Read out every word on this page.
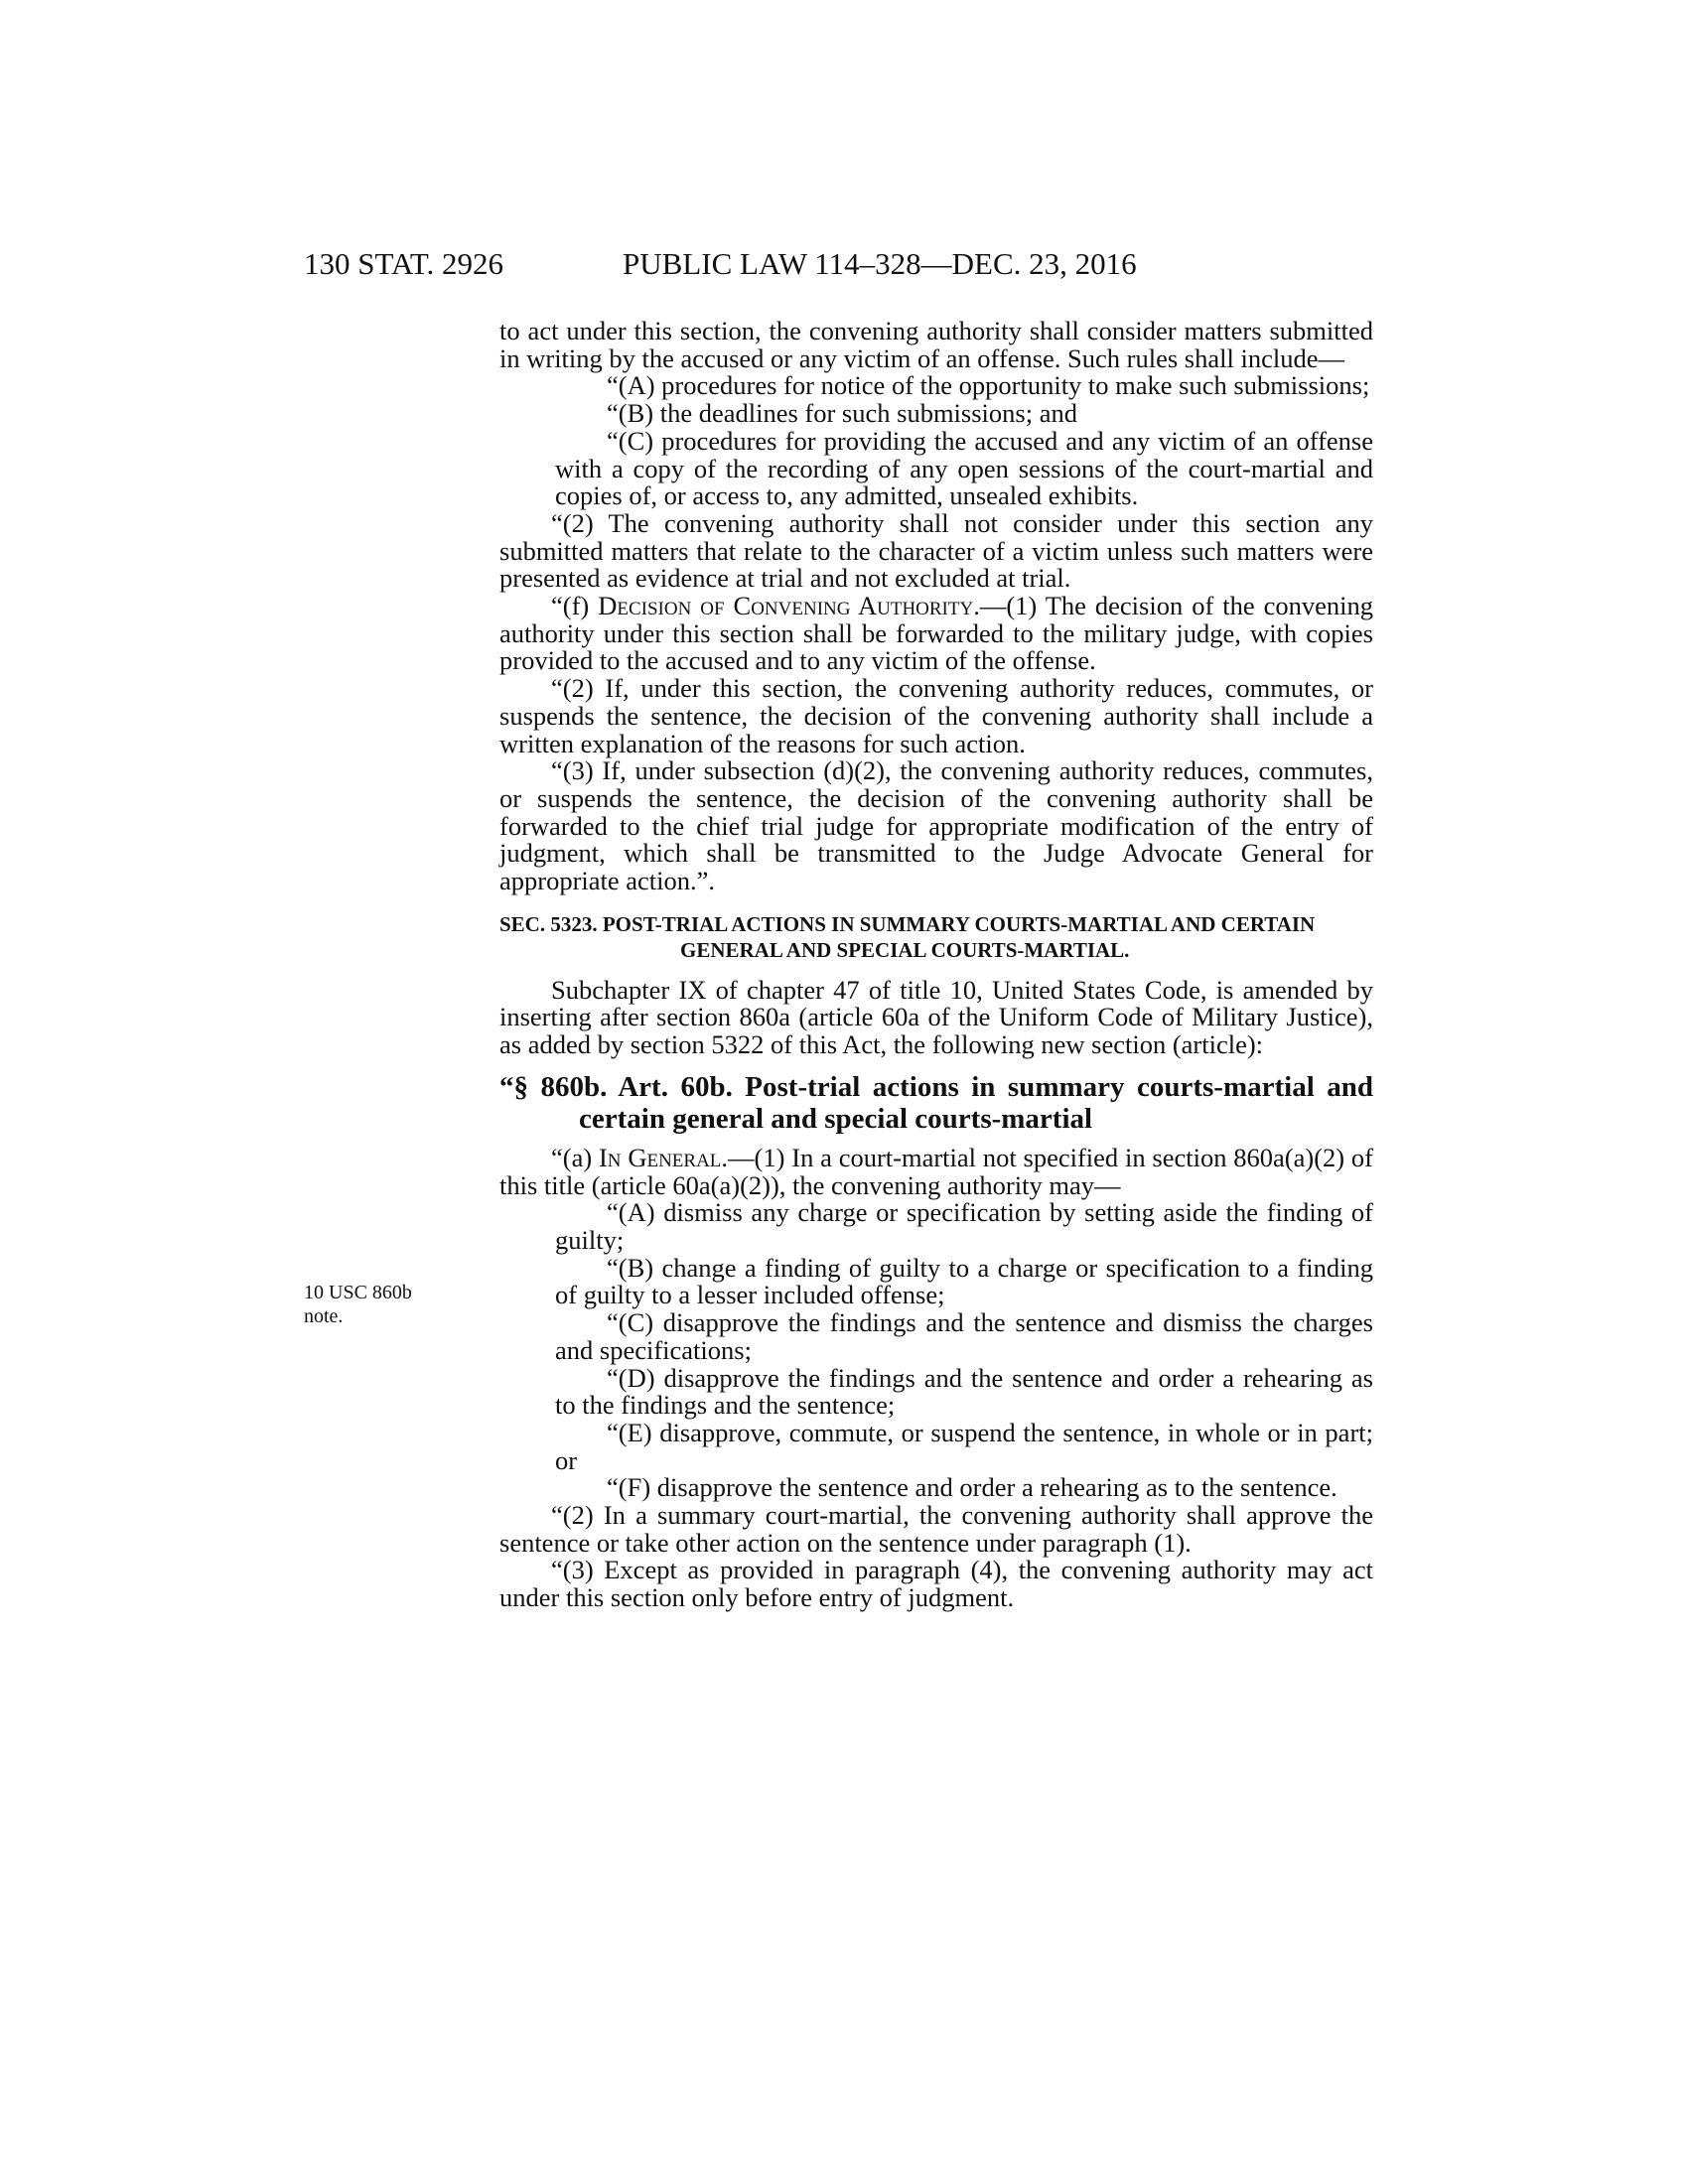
130 STAT. 2926	PUBLIC LAW 114–328—DEC. 23, 2016
10 USC 860b
note.

to act under this section, the convening authority shall consider matters submitted in writing by the accused or any victim of an offense. Such rules shall include—

“(A) procedures for notice of the opportunity to make such submissions;

“(B) the deadlines for such submissions; and

“(C) procedures for providing the accused and any victim of an offense with a copy of the recording of any open sessions of the court-martial and copies of, or access to, any admitted, unsealed exhibits.

“(2) The convening authority shall not consider under this section any submitted matters that relate to the character of a victim unless such matters were presented as evidence at trial and not excluded at trial.

“(f) Decision of Convening Authority.—(1) The decision of the convening authority under this section shall be forwarded to the military judge, with copies provided to the accused and to any victim of the offense.

“(2) If, under this section, the convening authority reduces, commutes, or suspends the sentence, the decision of the convening authority shall include a written explanation of the reasons for such action.

“(3) If, under subsection (d)(2), the convening authority reduces, commutes, or suspends the sentence, the decision of the convening authority shall be forwarded to the chief trial judge for appropriate modification of the entry of judgment, which shall be transmitted to the Judge Advocate General for appropriate action.”.

SEC. 5323. POST-TRIAL ACTIONS IN SUMMARY COURTS-MARTIAL AND CERTAIN GENERAL AND SPECIAL COURTS-MARTIAL.

Subchapter IX of chapter 47 of title 10, United States Code, is amended by inserting after section 860a (article 60a of the Uniform Code of Military Justice), as added by section 5322 of this Act, the following new section (article):

“§ 860b. Art. 60b. Post-trial actions in summary courts-martial and certain general and special courts-martial

“(a) In General.—(1) In a court-martial not specified in section 860a(a)(2) of this title (article 60a(a)(2)), the convening authority may—

“(A) dismiss any charge or specification by setting aside the finding of guilty;

“(B) change a finding of guilty to a charge or specification to a finding of guilty to a lesser included offense;

“(C) disapprove the findings and the sentence and dismiss the charges and specifications;

“(D) disapprove the findings and the sentence and order a rehearing as to the findings and the sentence;

“(E) disapprove, commute, or suspend the sentence, in whole or in part; or

“(F) disapprove the sentence and order a rehearing as to the sentence.

“(2) In a summary court-martial, the convening authority shall approve the sentence or take other action on the sentence under paragraph (1).

“(3) Except as provided in paragraph (4), the convening authority may act under this section only before entry of judgment.
